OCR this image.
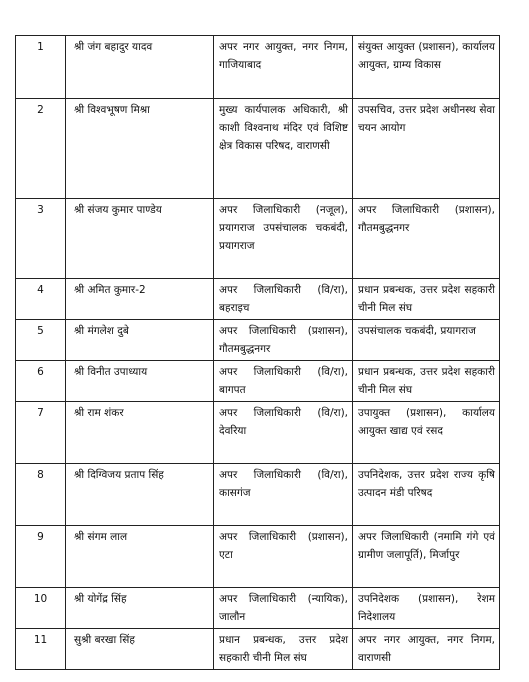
1	श्री जंग बहादुर यादव	अपर नगर आयुक्त, नगर निगम, गाजियाबाद	संयुक्त आयुक्त (प्रशासन), कार्यालय आयुक्त, ग्राम्य विकास
2	श्री विश्वभूषण मिश्रा	मुख्य कार्यपालक अधिकारी, श्री काशी विश्वनाथ मंदिर एवं विशिष्ट क्षेत्र विकास परिषद, वाराणसी	उपसचिव, उत्तर प्रदेश अधीनस्थ सेवा चयन आयोग
3	श्री संजय कुमार पाण्डेय	अपर जिलाधिकारी (नजूल), प्रयागराज उपसंचालक चकबंदी, प्रयागराज	अपर जिलाधिकारी (प्रशासन), गौतमबुद्धनगर
4	श्री अमित कुमार-2	अपर जिलाधिकारी (वि/रा), बहराइच	प्रधान प्रबन्धक, उत्तर प्रदेश सहकारी चीनी मिल संघ
5	श्री मंगलेश दुबे	अपर जिलाधिकारी (प्रशासन), गौतमबुद्धनगर	उपसंचालक चकबंदी, प्रयागराज
6	श्री विनीत उपाध्याय	अपर जिलाधिकारी (वि/रा), बागपत	प्रधान प्रबन्धक, उत्तर प्रदेश सहकारी चीनी मिल संघ
7	श्री राम शंकर	अपर जिलाधिकारी (वि/रा), देवरिया	उपायुक्त (प्रशासन), कार्यालय आयुक्त खाद्य एवं रसद
8	श्री दिग्विजय प्रताप सिंह	अपर जिलाधिकारी (वि/रा), कासगंज	उपनिदेशक, उत्तर प्रदेश राज्य कृषि उत्पादन मंडी परिषद
9	श्री संगम लाल	अपर जिलाधिकारी (प्रशासन), एटा	अपर जिलाधिकारी (नमामि गंगे एवं ग्रामीण जलापूर्ति), मिर्जापुर
10	श्री योगेंद्र सिंह	अपर जिलाधिकारी (न्यायिक), जालौन	उपनिदेशक (प्रशासन), रेशम निदेशालय
11	सुश्री बरखा सिंह	प्रधान प्रबन्धक, उत्तर प्रदेश सहकारी चीनी मिल संघ	अपर नगर आयुक्त, नगर निगम, वाराणसी
